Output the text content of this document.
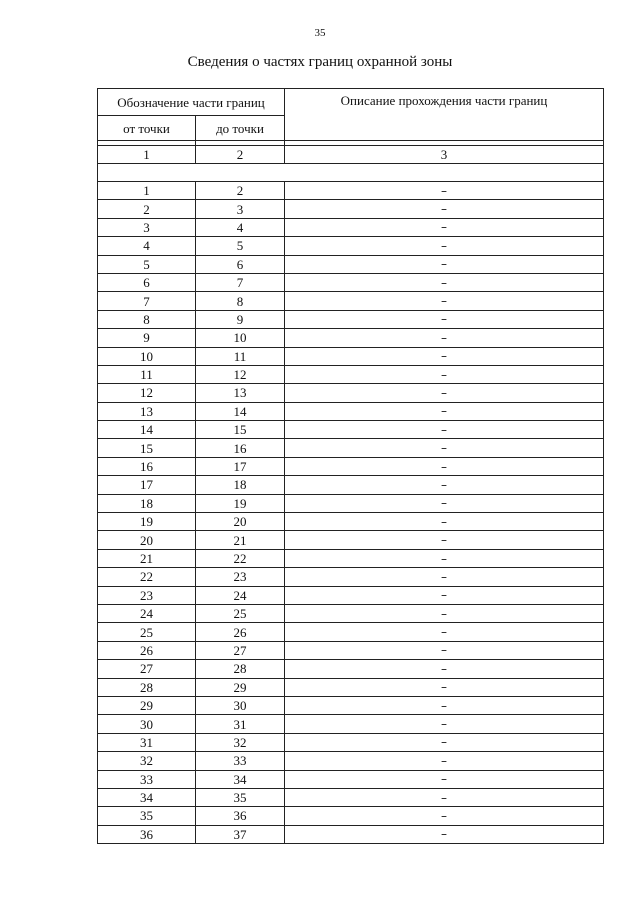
35
Сведения о частях границ охранной зоны
Обозначение части границ		Описание прохождения части границ
от точки	до точки	

1	2	3

1	2	–
2	3	–
3	4	–
4	5	–
5	6	–
6	7	–
7	8	–
8	9	–
9	10	–
10	11	–
11	12	–
12	13	–
13	14	–
14	15	–
15	16	–
16	17	–
17	18	–
18	19	–
19	20	–
20	21	–
21	22	–
22	23	–
23	24	–
24	25	–
25	26	–
26	27	–
27	28	–
28	29	–
29	30	–
30	31	–
31	32	–
32	33	–
33	34	–
34	35	–
35	36	–
36	37	–
